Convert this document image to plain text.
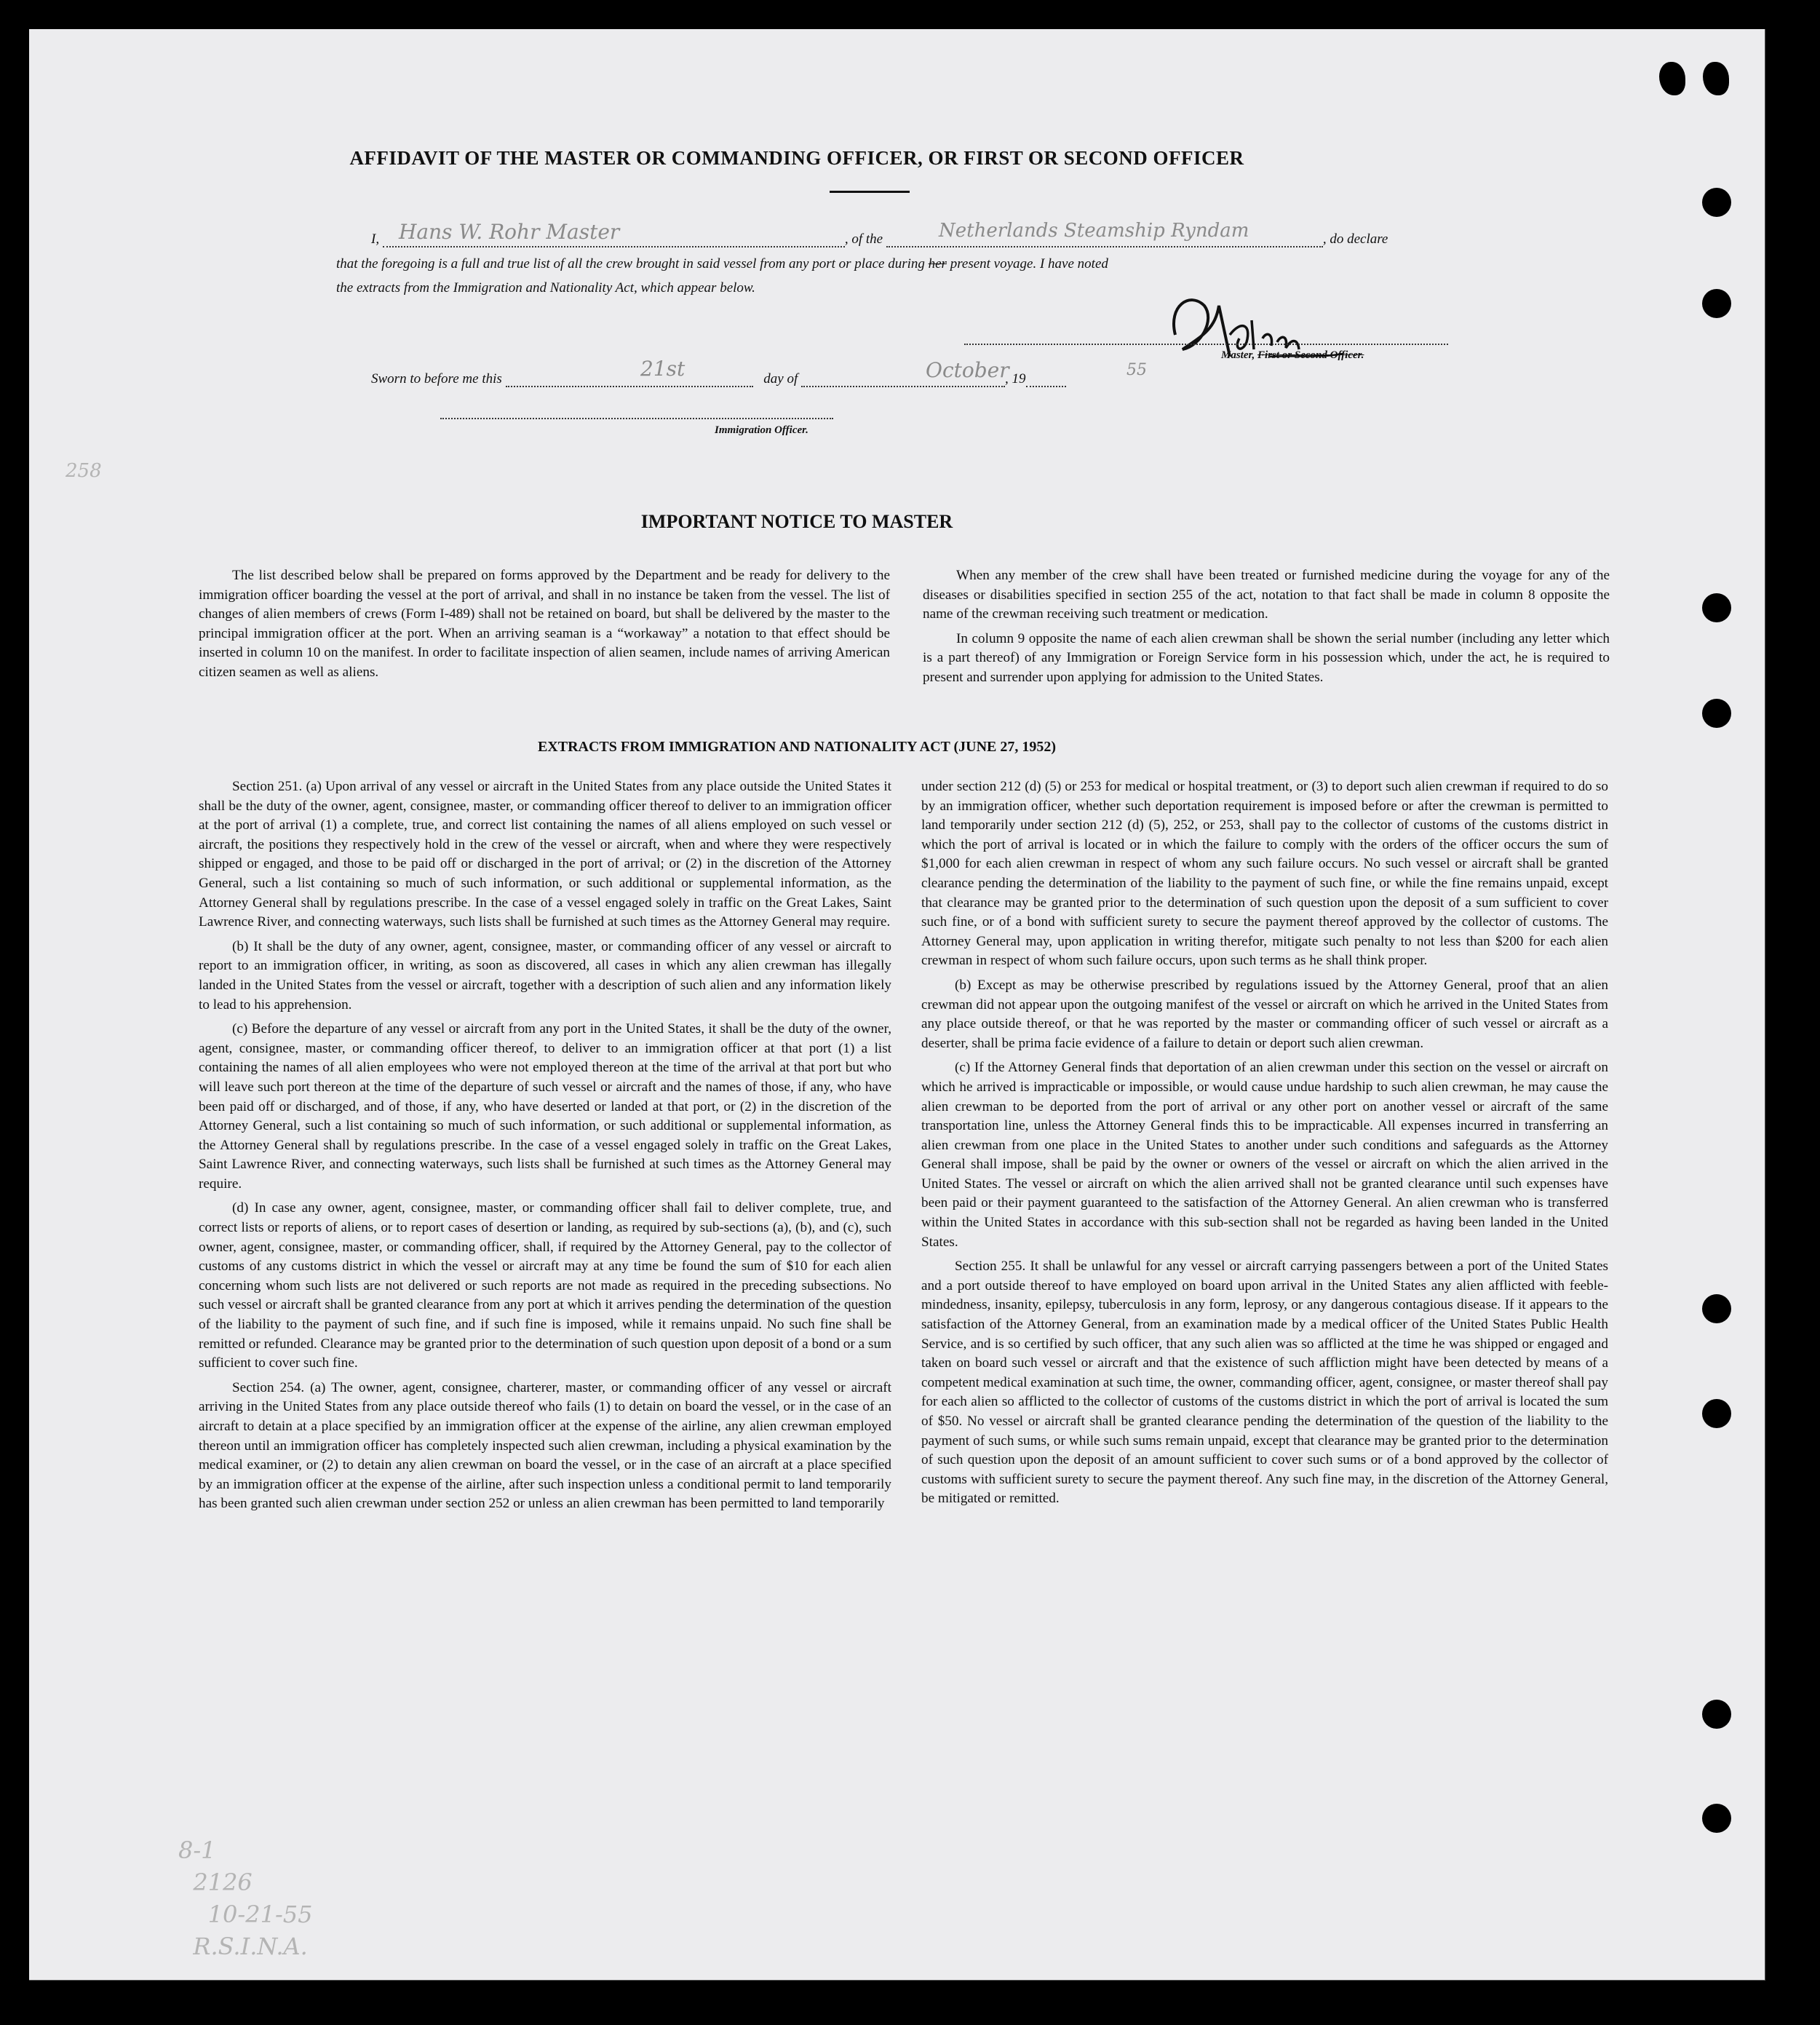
AFFIDAVIT OF THE MASTER OR COMMANDING OFFICER, OR FIRST OR SECOND OFFICER
I,	, of the	, do declare
Hans W. Rohr Master	Netherlands Steamship Ryndam
that the foregoing is a full and true list of all the crew brought in said vessel from any port or place during her present voyage. I have noted
the extracts from the Immigration and Nationality Act, which appear below.
Master, First or Second Officer.
Sworn to before me this	day of	, 19
21st	October	55
Immigration Officer.
IMPORTANT NOTICE TO MASTER

The list described below shall be prepared on forms approved by the Department and be ready for delivery to the immigration officer boarding the vessel at the port of arrival, and shall in no instance be taken from the vessel. The list of changes of alien members of crews (Form I-489) shall not be retained on board, but shall be delivered by the master to the principal immigration officer at the port. When an arriving seaman is a “workaway” a notation to that effect should be inserted in column 10 on the manifest. In order to facilitate inspection of alien seamen, include names of arriving American citizen seamen as well as aliens.

When any member of the crew shall have been treated or furnished medicine during the voyage for any of the diseases or disabilities specified in section 255 of the act, notation to that fact shall be made in column 8 opposite the name of the crewman receiving such treatment or medication.

In column 9 opposite the name of each alien crewman shall be shown the serial number (including any letter which is a part thereof) of any Immigration or Foreign Service form in his possession which, under the act, he is required to present and surrender upon applying for admission to the United States.

EXTRACTS FROM IMMIGRATION AND NATIONALITY ACT (JUNE 27, 1952)

Section 251. (a) Upon arrival of any vessel or aircraft in the United States from any place outside the United States it shall be the duty of the owner, agent, consignee, master, or commanding officer thereof to deliver to an immigration officer at the port of arrival (1) a complete, true, and correct list containing the names of all aliens employed on such vessel or aircraft, the positions they respectively hold in the crew of the vessel or aircraft, when and where they were respectively shipped or engaged, and those to be paid off or discharged in the port of arrival; or (2) in the discretion of the Attorney General, such a list containing so much of such information, or such additional or supplemental information, as the Attorney General shall by regulations prescribe. In the case of a vessel engaged solely in traffic on the Great Lakes, Saint Lawrence River, and connecting waterways, such lists shall be furnished at such times as the Attorney General may require.

(b) It shall be the duty of any owner, agent, consignee, master, or commanding officer of any vessel or aircraft to report to an immigration officer, in writing, as soon as discovered, all cases in which any alien crewman has illegally landed in the United States from the vessel or aircraft, together with a description of such alien and any information likely to lead to his apprehension.

(c) Before the departure of any vessel or aircraft from any port in the United States, it shall be the duty of the owner, agent, consignee, master, or commanding officer thereof, to deliver to an immigration officer at that port (1) a list containing the names of all alien employees who were not employed thereon at the time of the arrival at that port but who will leave such port thereon at the time of the departure of such vessel or aircraft and the names of those, if any, who have been paid off or discharged, and of those, if any, who have deserted or landed at that port, or (2) in the discretion of the Attorney General, such a list containing so much of such information, or such additional or supplemental information, as the Attorney General shall by regulations prescribe. In the case of a vessel engaged solely in traffic on the Great Lakes, Saint Lawrence River, and connecting waterways, such lists shall be furnished at such times as the Attorney General may require.

(d) In case any owner, agent, consignee, master, or commanding officer shall fail to deliver complete, true, and correct lists or reports of aliens, or to report cases of desertion or landing, as required by sub-sections (a), (b), and (c), such owner, agent, consignee, master, or commanding officer, shall, if required by the Attorney General, pay to the collector of customs of any customs district in which the vessel or aircraft may at any time be found the sum of $10 for each alien concerning whom such lists are not delivered or such reports are not made as required in the preceding subsections. No such vessel or aircraft shall be granted clearance from any port at which it arrives pending the determination of the question of the liability to the payment of such fine, and if such fine is imposed, while it remains unpaid. No such fine shall be remitted or refunded. Clearance may be granted prior to the determination of such question upon deposit of a bond or a sum sufficient to cover such fine.

Section 254. (a) The owner, agent, consignee, charterer, master, or commanding officer of any vessel or aircraft arriving in the United States from any place outside thereof who fails (1) to detain on board the vessel, or in the case of an aircraft to detain at a place specified by an immigration officer at the expense of the airline, any alien crewman employed thereon until an immigration officer has completely inspected such alien crewman, including a physical examination by the medical examiner, or (2) to detain any alien crewman on board the vessel, or in the case of an aircraft at a place specified by an immigration officer at the expense of the airline, after such inspection unless a conditional permit to land temporarily has been granted such alien crewman under section 252 or unless an alien crewman has been permitted to land temporarily

under section 212 (d) (5) or 253 for medical or hospital treatment, or (3) to deport such alien crewman if required to do so by an immigration officer, whether such deportation requirement is imposed before or after the crewman is permitted to land temporarily under section 212 (d) (5), 252, or 253, shall pay to the collector of customs of the customs district in which the port of arrival is located or in which the failure to comply with the orders of the officer occurs the sum of $1,000 for each alien crewman in respect of whom any such failure occurs. No such vessel or aircraft shall be granted clearance pending the determination of the liability to the payment of such fine, or while the fine remains unpaid, except that clearance may be granted prior to the determination of such question upon the deposit of a sum sufficient to cover such fine, or of a bond with sufficient surety to secure the payment thereof approved by the collector of customs. The Attorney General may, upon application in writing therefor, mitigate such penalty to not less than $200 for each alien crewman in respect of whom such failure occurs, upon such terms as he shall think proper.

(b) Except as may be otherwise prescribed by regulations issued by the Attorney General, proof that an alien crewman did not appear upon the outgoing manifest of the vessel or aircraft on which he arrived in the United States from any place outside thereof, or that he was reported by the master or commanding officer of such vessel or aircraft as a deserter, shall be prima facie evidence of a failure to detain or deport such alien crewman.

(c) If the Attorney General finds that deportation of an alien crewman under this section on the vessel or aircraft on which he arrived is impracticable or impossible, or would cause undue hardship to such alien crewman, he may cause the alien crewman to be deported from the port of arrival or any other port on another vessel or aircraft of the same transportation line, unless the Attorney General finds this to be impracticable. All expenses incurred in transferring an alien crewman from one place in the United States to another under such conditions and safeguards as the Attorney General shall impose, shall be paid by the owner or owners of the vessel or aircraft on which the alien arrived in the United States. The vessel or aircraft on which the alien arrived shall not be granted clearance until such expenses have been paid or their payment guaranteed to the satisfaction of the Attorney General. An alien crewman who is transferred within the United States in accordance with this sub-section shall not be regarded as having been landed in the United States.

Section 255. It shall be unlawful for any vessel or aircraft carrying passengers between a port of the United States and a port outside thereof to have employed on board upon arrival in the United States any alien afflicted with feeble-mindedness, insanity, epilepsy, tuberculosis in any form, leprosy, or any dangerous contagious disease. If it appears to the satisfaction of the Attorney General, from an examination made by a medical officer of the United States Public Health Service, and is so certified by such officer, that any such alien was so afflicted at the time he was shipped or engaged and taken on board such vessel or aircraft and that the existence of such affliction might have been detected by means of a competent medical examination at such time, the owner, commanding officer, agent, consignee, or master thereof shall pay for each alien so afflicted to the collector of customs of the customs district in which the port of arrival is located the sum of $50. No vessel or aircraft shall be granted clearance pending the determination of the question of the liability to the payment of such sums, or while such sums remain unpaid, except that clearance may be granted prior to the determination of such question upon the deposit of an amount sufficient to cover such sums or of a bond approved by the collector of customs with sufficient surety to secure the payment thereof. Any such fine may, in the discretion of the Attorney General, be mitigated or remitted.

258
8-1
2126
10-21-55
R.S.I.N.A.
